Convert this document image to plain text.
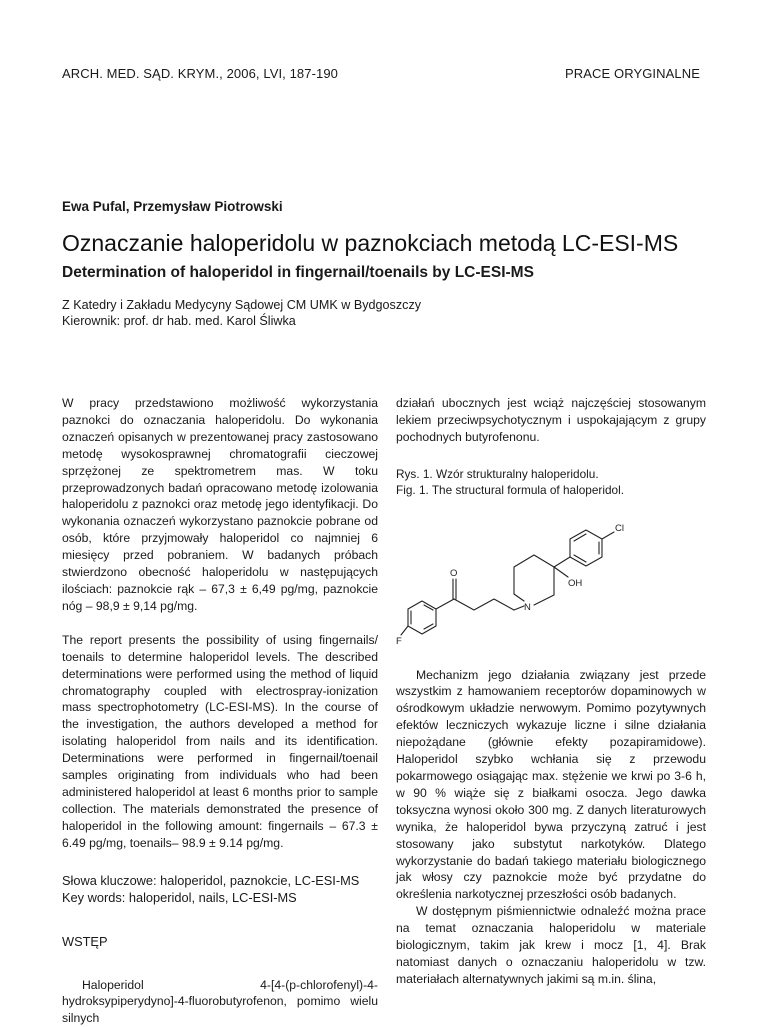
ARCH. MED. SĄD. KRYM., 2006, LVI, 187-190	PRACE ORYGINALNE
Ewa Pufal, Przemysław Piotrowski
Oznaczanie haloperidolu w paznokciach metodą LC-ESI-MS
Determination of haloperidol in fingernail/toenails by LC-ESI-MS
Z Katedry i Zakładu Medycyny Sądowej CM UMK w Bydgoszczy
Kierownik: prof. dr hab. med. Karol Śliwka

W pracy przedstawiono możliwość wykorzystania paznokci do oznaczania haloperidolu. Do wykonania oznaczeń opisanych w prezentowanej pracy zastosowano metodę wysokosprawnej chromatografii cieczowej sprzężonej ze spektrometrem mas. W toku przeprowadzonych badań opracowano metodę izolowania haloperidolu z paznokci oraz metodę jego identyfikacji. Do wykonania oznaczeń wykorzystano paznokcie pobrane od osób, które przyjmowały haloperidol co najmniej 6 miesięcy przed pobraniem. W badanych próbach stwierdzono obecność haloperidolu w następujących ilościach: paznokcie rąk – 67,3 ± 6,49 pg/mg, paznokcie nóg – 98,9 ± 9,14 pg/mg.

The report presents the possibility of using fingernails/ toenails to determine haloperidol levels. The described determinations were performed using the method of liquid chromatography coupled with electrospray-ionization mass spectrophotometry (LC-ESI-MS). In the course of the investigation, the authors developed a method for isolating haloperidol from nails and its identification. Determinations were performed in fingernail/toenail samples originating from individuals who had been administered haloperidol at least 6 months prior to sample collection. The materials demonstrated the presence of haloperidol in the following amount: fingernails – 67.3 ± 6.49 pg/mg, toenails– 98.9 ± 9.14 pg/mg.

Słowa kluczowe: haloperidol, paznokcie, LC-ESI-MS

Key words: haloperidol, nails, LC-ESI-MS

WSTĘP

Haloperidol 4-[4-(p-chlorofenyl)-4-hydroksypiperydyno]-4-fluorobutyrofenon, pomimo wielu silnych

działań ubocznych jest wciąż najczęściej stosowanym lekiem przeciwpsychotycznym i uspokajającym z grupy pochodnych butyrofenonu.

Rys. 1. Wzór strukturalny haloperidolu.

Fig. 1. The structural formula of haloperidol.

Cl
OH
O
N
F

Mechanizm jego działania związany jest przede wszystkim z hamowaniem receptorów dopaminowych w ośrodkowym układzie nerwowym. Pomimo pozytywnych efektów leczniczych wykazuje liczne i silne działania niepożądane (głównie efekty pozapiramidowe). Haloperidol szybko wchłania się z przewodu pokarmowego osiągając max. stężenie we krwi po 3-6 h, w 90 % wiąże się z białkami osocza. Jego dawka toksyczna wynosi około 300 mg. Z danych literaturowych wynika, że haloperidol bywa przyczyną zatruć i jest stosowany jako substytut narkotyków. Dlatego wykorzystanie do badań takiego materiału biologicznego jak włosy czy paznokcie może być przydatne do określenia narkotycznej przeszłości osób badanych.

W dostępnym piśmiennictwie odnaleźć można prace na temat oznaczania haloperidolu w materiale biologicznym, takim jak krew i mocz [1, 4]. Brak natomiast danych o oznaczaniu haloperidolu w tzw. materiałach alternatywnych jakimi są m.in. ślina,
